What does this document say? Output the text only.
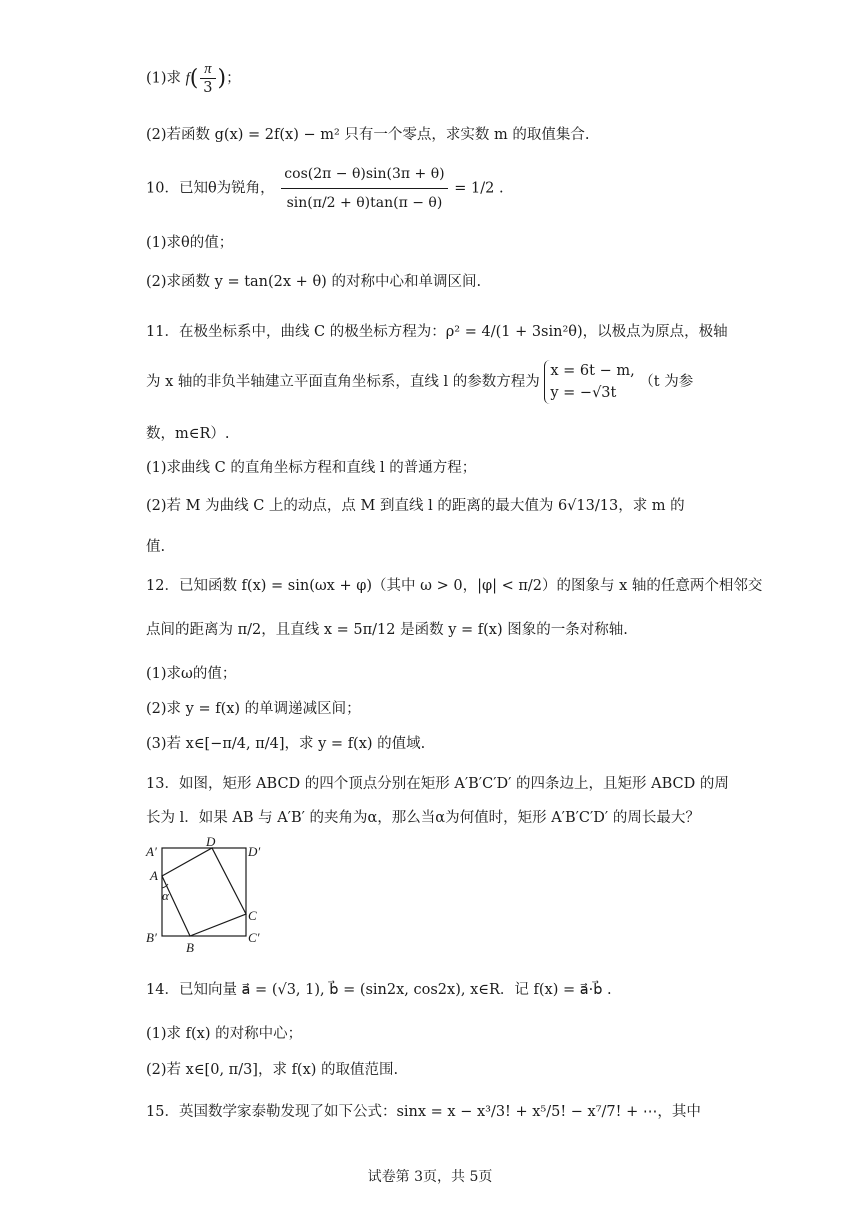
(1)求 $f( \frac{\pi}{3}$ )；
(2)若函数 g(x) = 2f(x) − m² 只有一个零点，求实数 m 的取值集合.
10．已知θ为锐角， $\frac{\cos(2\pi - \theta)\sin(3\pi + \theta)}{\sin(\pi/2 + \theta)\tan(\pi - \theta)} = 1/2$ .
(1)求θ的值；
(2)求函数 y = tan(2x + θ) 的对称中心和单调区间.
11．在极坐标系中，曲线 C 的极坐标方程为：ρ² = 4/(1 + 3sin²θ)，以极点为原点，极轴
为 x 轴的非负半轴建立平面直角坐标系，直线 l 的参数方程为
x = 6t − m,
y = −√3t
（t 为参
数，m∈R）.
(1)求曲线 C 的直角坐标方程和直线 l 的普通方程；
(2)若 M 为曲线 C 上的动点，点 M 到直线 l 的距离的最大值为 6√13/13，求 m 的
值.
12．已知函数 f(x) = sin(ωx + φ)（其中 ω > 0，|φ| < π/2）的图象与 x 轴的任意两个相邻交
点间的距离为 π/2，且直线 x = 5π/12 是函数 y = f(x) 图象的一条对称轴.
(1)求ω的值；
(2)求 y = f(x) 的单调递减区间；
(3)若 x∈[−π/4, π/4]，求 y = f(x) 的值域.
13．如图，矩形 ABCD 的四个顶点分别在矩形 A′B′C′D′ 的四条边上，且矩形 ABCD 的周
长为 l．如果 AB 与 A′B′ 的夹角为α，那么当α为何值时，矩形 A′B′C′D′ 的周长最大？
A′
D
D′
A
α
C
B′	C′
B
14．已知向量 a⃗ = (√3, 1), b⃗ = (sin2x, cos2x), x∈R．记 f(x) = a⃗·b⃗ .
(1)求 f(x) 的对称中心；
(2)若 x∈[0, π/3]，求 f(x) 的取值范围.
15．英国数学家泰勒发现了如下公式：sinx = x − x³/3! + x⁵/5! − x⁷/7! + ⋯，其中
试卷第 3页，共 5页
